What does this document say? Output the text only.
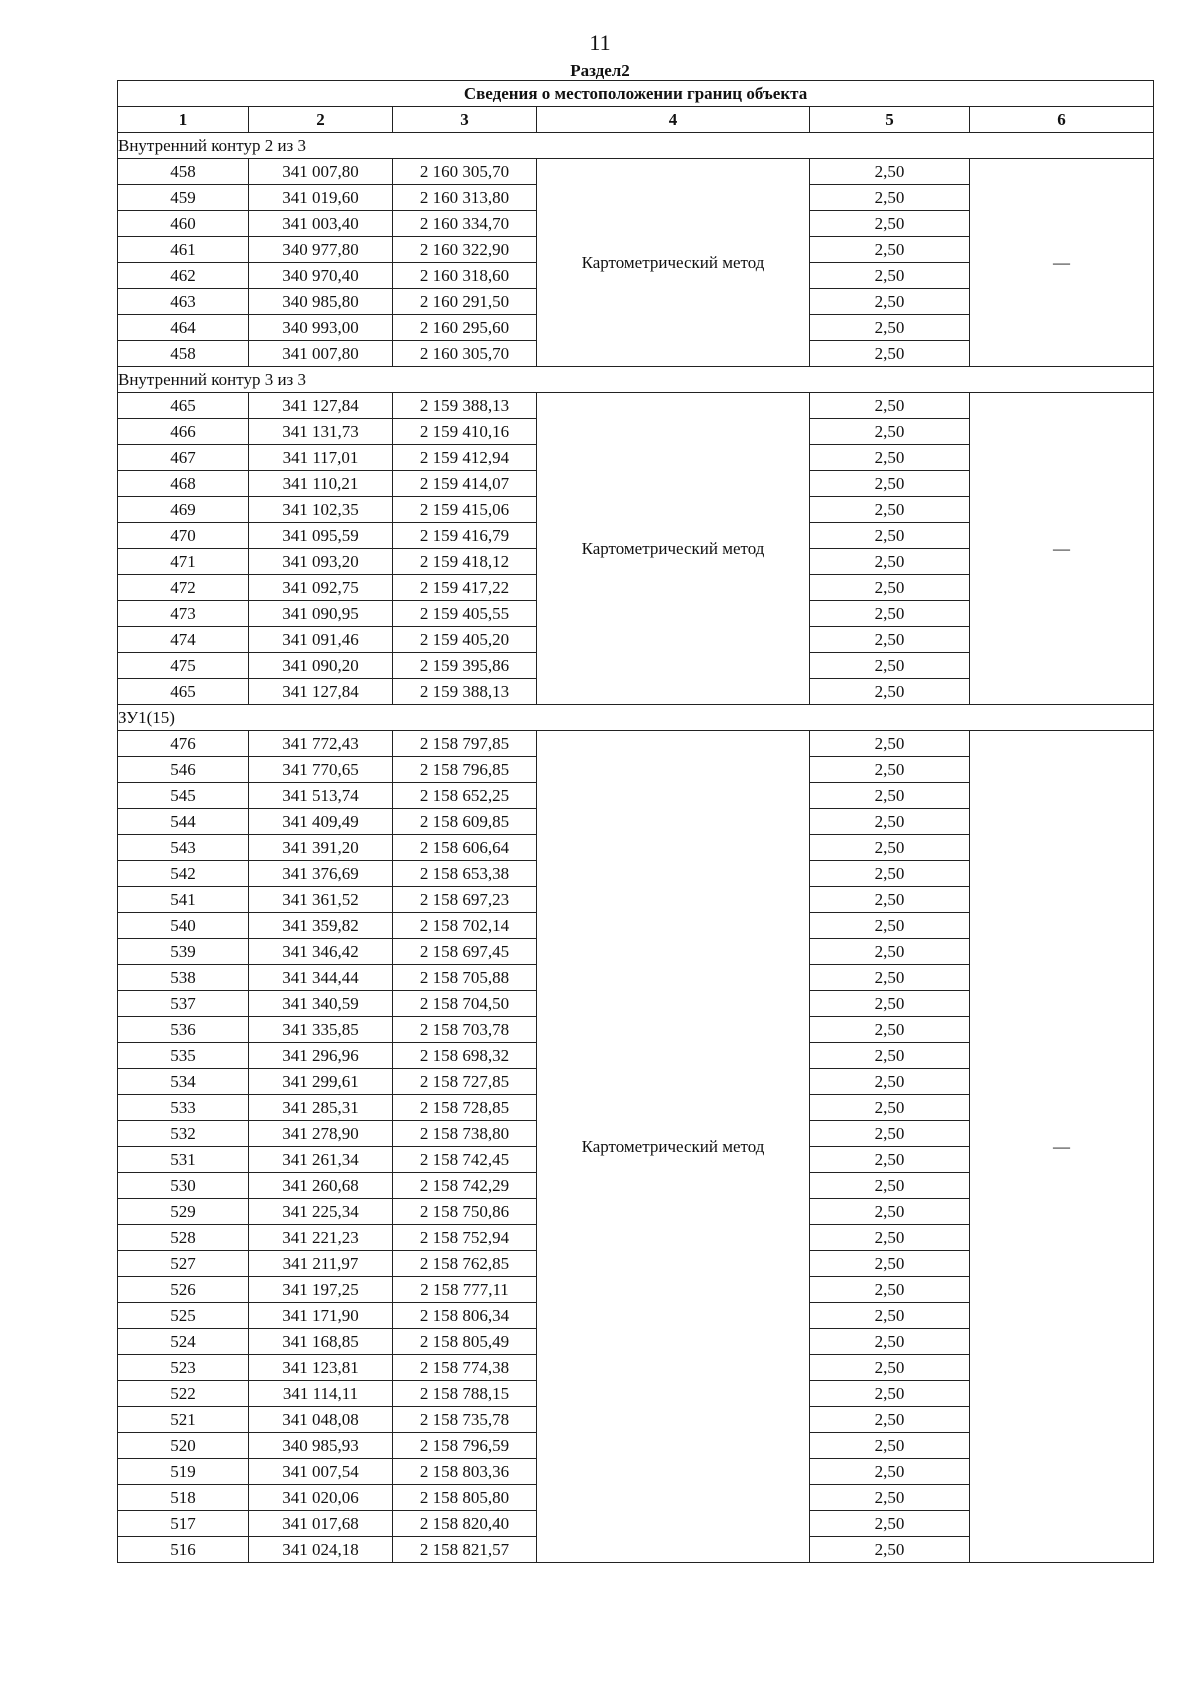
11
Раздел2
Сведения о местоположении границ объекта					
1	2	3	4	5	6
Внутренний контур 2 из 3					
458	341 007,80	2 160 305,70	Картометрический метод	2,50	—
459	341 019,60	2 160 313,80		2,50	
460	341 003,40	2 160 334,70		2,50	
461	340 977,80	2 160 322,90		2,50	
462	340 970,40	2 160 318,60		2,50	
463	340 985,80	2 160 291,50		2,50	
464	340 993,00	2 160 295,60		2,50	
458	341 007,80	2 160 305,70		2,50	
Внутренний контур 3 из 3					
465	341 127,84	2 159 388,13	Картометрический метод	2,50	—
466	341 131,73	2 159 410,16		2,50	
467	341 117,01	2 159 412,94		2,50	
468	341 110,21	2 159 414,07		2,50	
469	341 102,35	2 159 415,06		2,50	
470	341 095,59	2 159 416,79		2,50	
471	341 093,20	2 159 418,12		2,50	
472	341 092,75	2 159 417,22		2,50	
473	341 090,95	2 159 405,55		2,50	
474	341 091,46	2 159 405,20		2,50	
475	341 090,20	2 159 395,86		2,50	
465	341 127,84	2 159 388,13		2,50	
ЗУ1(15)					
476	341 772,43	2 158 797,85	Картометрический метод	2,50	—
546	341 770,65	2 158 796,85		2,50	
545	341 513,74	2 158 652,25		2,50	
544	341 409,49	2 158 609,85		2,50	
543	341 391,20	2 158 606,64		2,50	
542	341 376,69	2 158 653,38		2,50	
541	341 361,52	2 158 697,23		2,50	
540	341 359,82	2 158 702,14		2,50	
539	341 346,42	2 158 697,45		2,50	
538	341 344,44	2 158 705,88		2,50	
537	341 340,59	2 158 704,50		2,50	
536	341 335,85	2 158 703,78		2,50	
535	341 296,96	2 158 698,32		2,50	
534	341 299,61	2 158 727,85		2,50	
533	341 285,31	2 158 728,85		2,50	
532	341 278,90	2 158 738,80		2,50	
531	341 261,34	2 158 742,45		2,50	
530	341 260,68	2 158 742,29		2,50	
529	341 225,34	2 158 750,86		2,50	
528	341 221,23	2 158 752,94		2,50	
527	341 211,97	2 158 762,85		2,50	
526	341 197,25	2 158 777,11		2,50	
525	341 171,90	2 158 806,34		2,50	
524	341 168,85	2 158 805,49		2,50	
523	341 123,81	2 158 774,38		2,50	
522	341 114,11	2 158 788,15		2,50	
521	341 048,08	2 158 735,78		2,50	
520	340 985,93	2 158 796,59		2,50	
519	341 007,54	2 158 803,36		2,50	
518	341 020,06	2 158 805,80		2,50	
517	341 017,68	2 158 820,40		2,50	
516	341 024,18	2 158 821,57		2,50	
